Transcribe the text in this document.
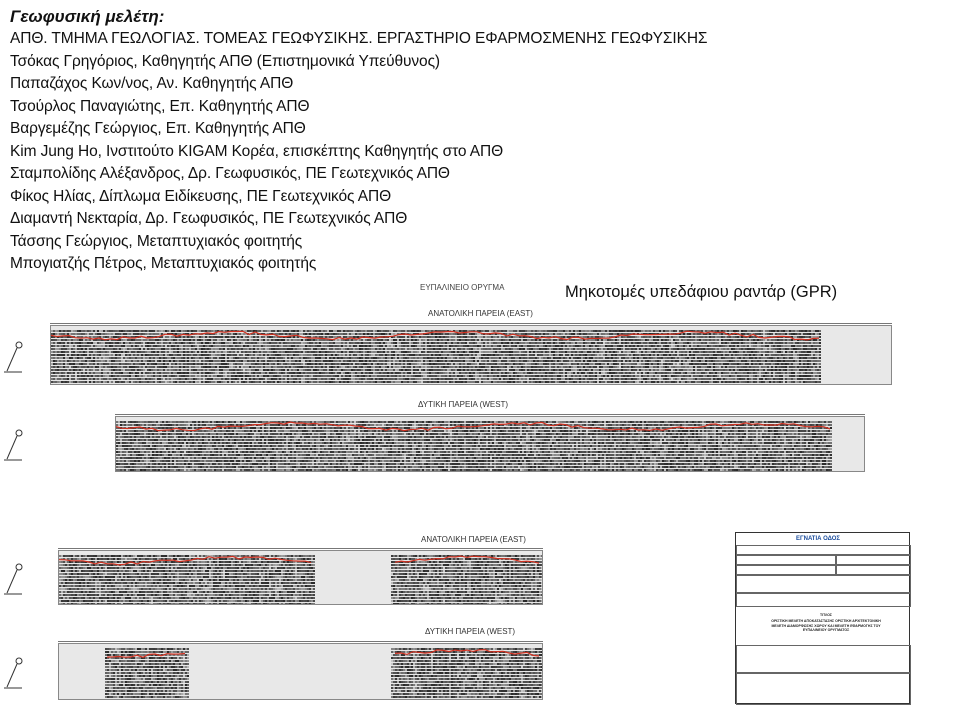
Γεωφυσική μελέτη:
ΑΠΘ. ΤΜΗΜΑ ΓΕΩΛΟΓΙΑΣ. ΤΟΜΕΑΣ ΓΕΩΦΥΣΙΚΗΣ. ΕΡΓΑΣΤΗΡΙΟ ΕΦΑΡΜΟΣΜΕΝΗΣ ΓΕΩΦΥΣΙΚΗΣ
Τσόκας Γρηγόριος, Καθηγητής ΑΠΘ (Επιστημονικά Υπεύθυνος)
Παπαζάχος Κων/νος, Αν. Καθηγητής ΑΠΘ
Τσούρλος Παναγιώτης, Επ. Καθηγητής ΑΠΘ
Βαργεμέζης Γεώργιος, Επ. Καθηγητής ΑΠΘ
Kim Jung Ho, Ινστιτούτο KIGAM Κορέα, επισκέπτης Καθηγητής στο ΑΠΘ
Σταμπολίδης Αλέξανδρος, Δρ. Γεωφυσικός, ΠΕ Γεωτεχνικός ΑΠΘ
Φίκος Ηλίας, Δίπλωμα Ειδίκευσης, ΠΕ Γεωτεχνικός ΑΠΘ
Διαμαντή Νεκταρία, Δρ. Γεωφυσικός, ΠΕ Γεωτεχνικός ΑΠΘ
Τάσσης Γεώργιος, Μεταπτυχιακός φοιτητής
Μπογιατζής Πέτρος, Μεταπτυχιακός φοιτητής
ΕΥΠΑΛΙΝΕΙΟ ΟΡΥΓΜΑ	Μηκοτομές υπεδάφιου ραντάρ (GPR)
ΑΝΑΤΟΛΙΚΗ ΠΑΡΕΙΑ (EAST)
ΔΥΤΙΚΗ ΠΑΡΕΙΑ (WEST)
ΑΝΑΤΟΛΙΚΗ ΠΑΡΕΙΑ (EAST)
ΔΥΤΙΚΗ ΠΑΡΕΙΑ (WEST)
ΕΓΝΑΤΙΑ ΟΔΟΣ
ΤΙΤΛΟΣ
ΟΡΙΣΤΙΚΗ ΜΕΛΕΤΗ ΑΠΟΚΑΤΑΣΤΑΣΗΣ ΟΡΙΣΤΙΚΗ ΑΡΧΙΤΕΚΤΟΝΙΚΗ ΜΕΛΕΤΗ ΔΙΑΜΟΡΦΩΣΗΣ ΧΩΡΟΥ ΚΑΙ ΜΕΛΕΤΗ ΕΦΑΡΜΟΓΗΣ ΤΟΥ ΕΥΠΑΛΙΝΕΙΟΥ ΟΡΥΓΜΑΤΟΣ
